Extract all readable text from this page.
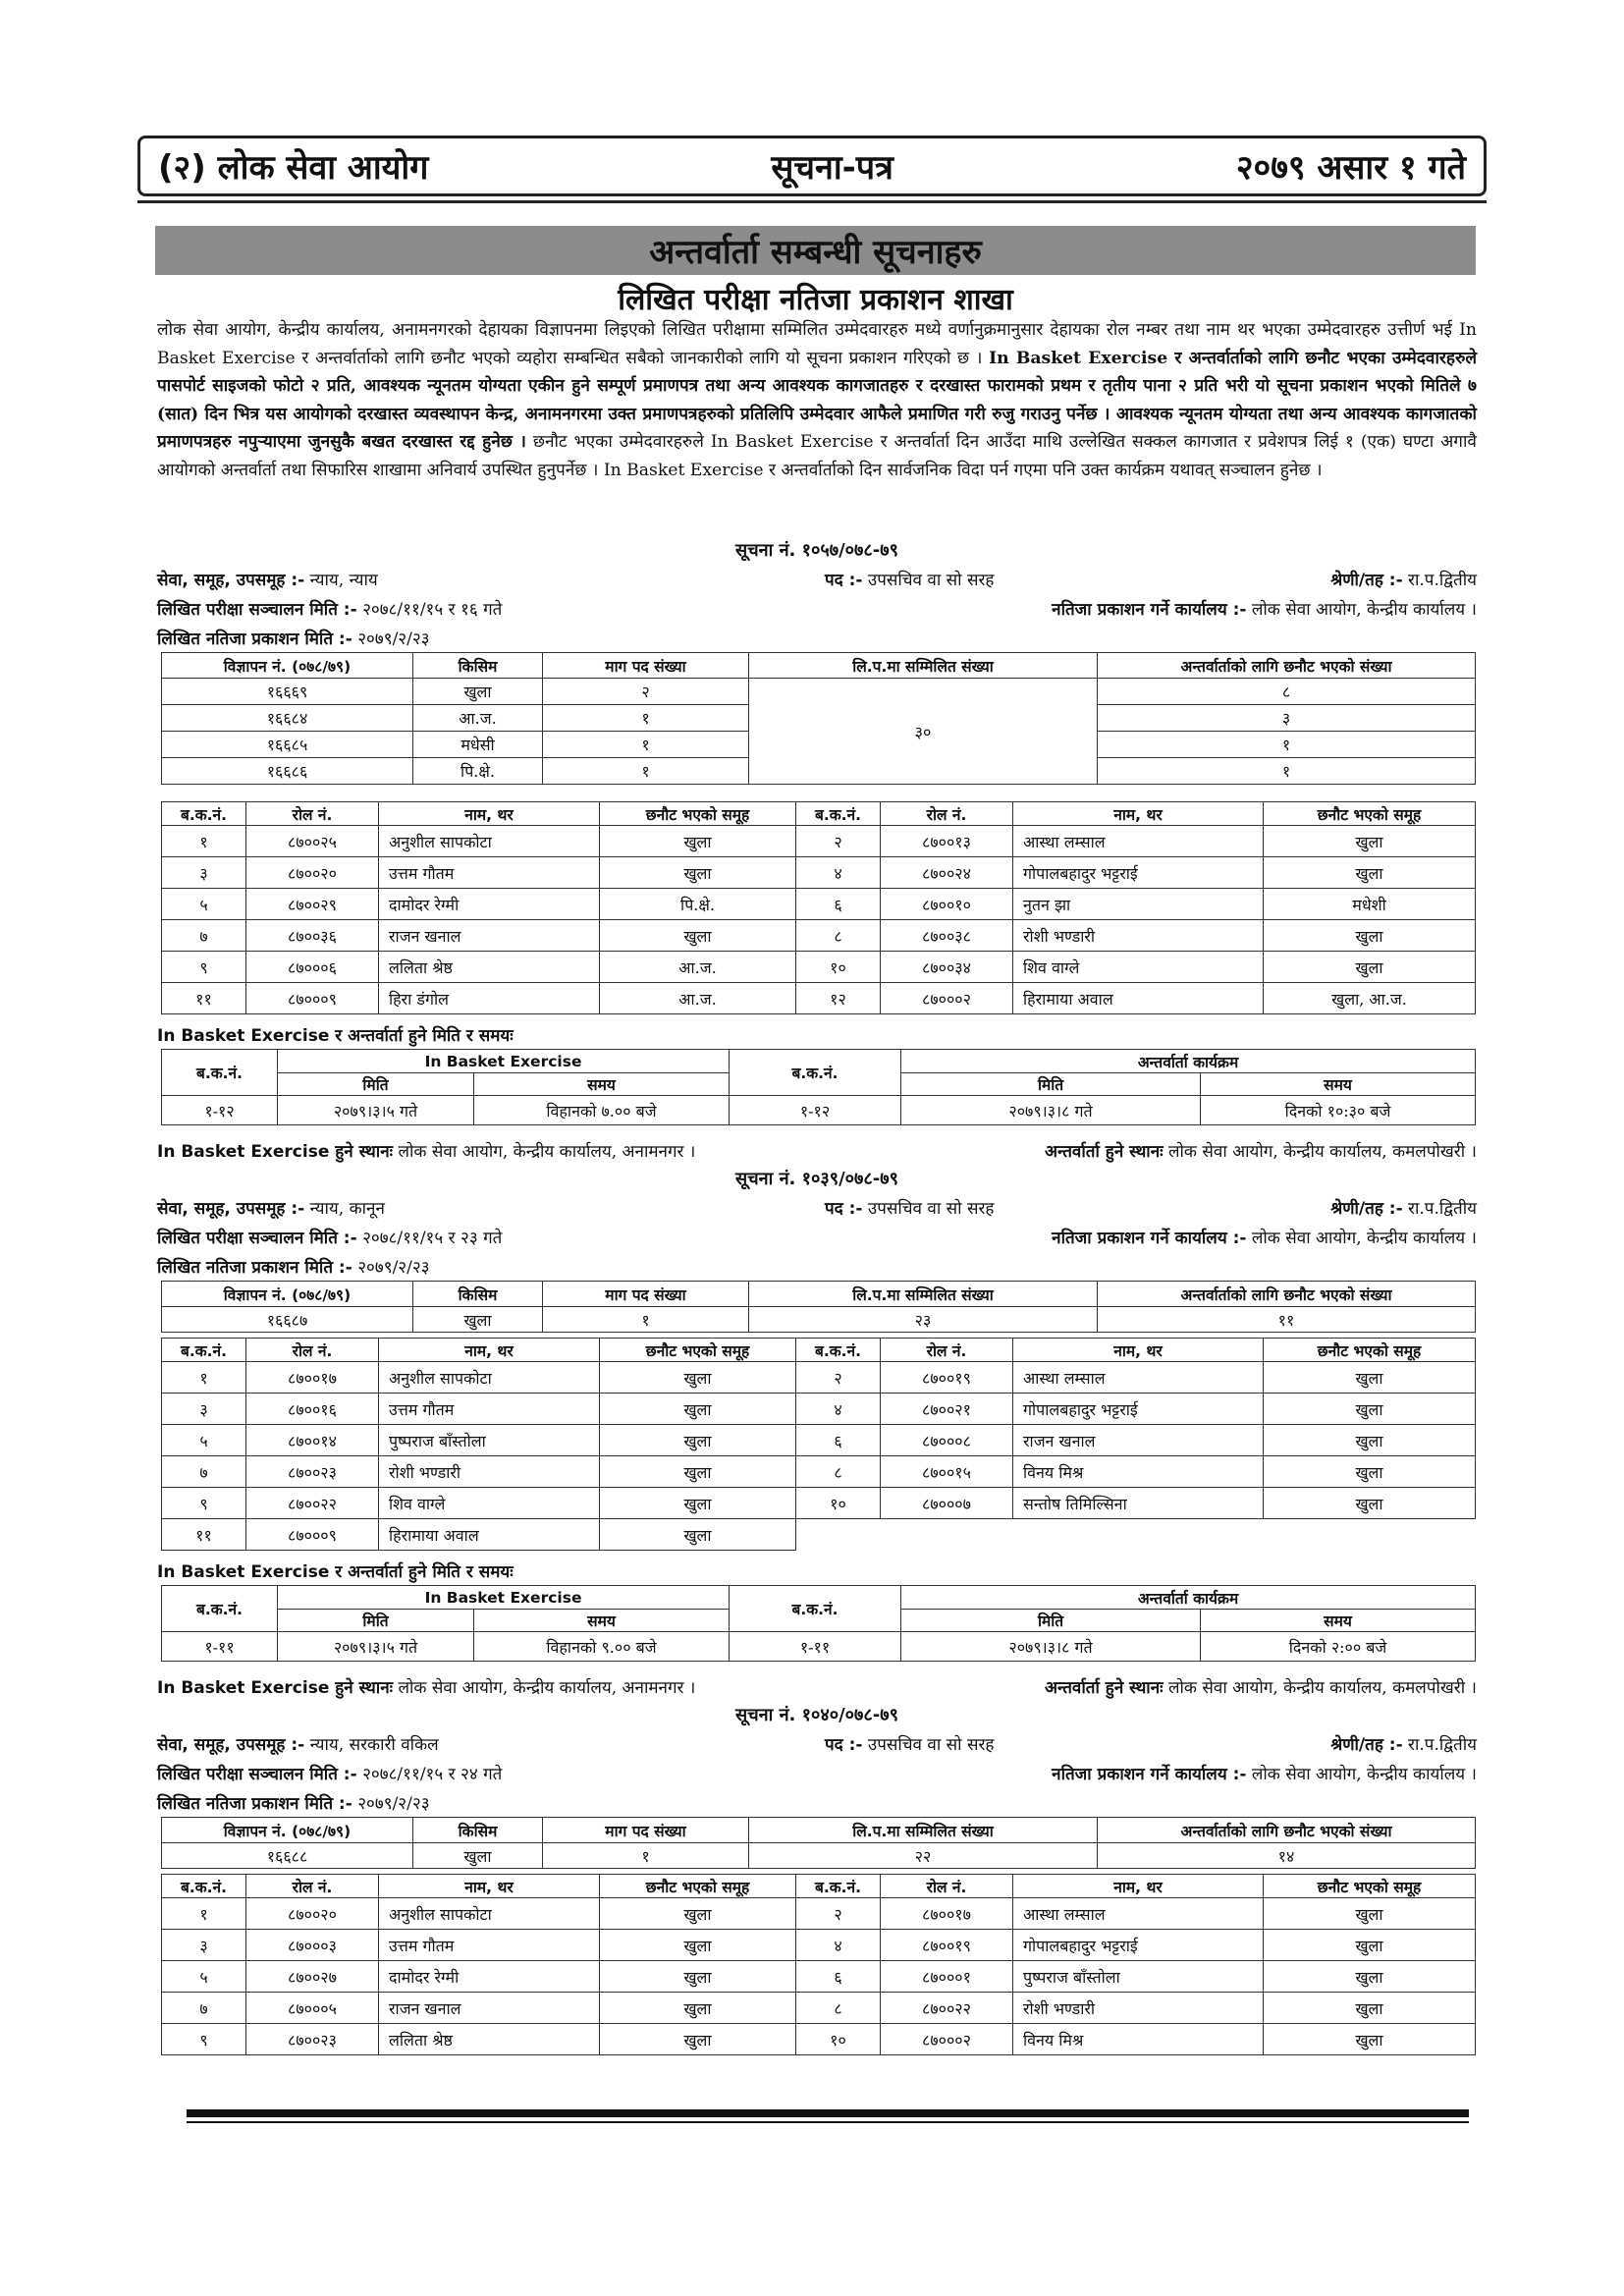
(२) लोक सेवा आयोग	सूचना-पत्र	२०७९ असार १ गते
अन्तर्वार्ता सम्बन्धी सूचनाहरु
लिखित परीक्षा नतिजा प्रकाशन शाखा
लोक सेवा आयोग, केन्द्रीय कार्यालय, अनामनगरको देहायका विज्ञापनमा लिइएको लिखित परीक्षामा सम्मिलित उम्मेदवारहरु मध्ये वर्णानुक्रमानुसार देहायका रोल नम्बर तथा नाम थर भएका उम्मेदवारहरु उत्तीर्ण भई In Basket Exercise र अन्तर्वार्ताको लागि छनौट भएको व्यहोरा सम्बन्धित सबैको जानकारीको लागि यो सूचना प्रकाशन गरिएको छ । In Basket Exercise र अन्तर्वार्ताको लागि छनौट भएका उम्मेदवारहरुले पासपोर्ट साइजको फोटो २ प्रति, आवश्यक न्यूनतम योग्यता एकीन हुने सम्पूर्ण प्रमाणपत्र तथा अन्य आवश्यक कागजातहरु र दरखास्त फारामको प्रथम र तृतीय पाना २ प्रति भरी यो सूचना प्रकाशन भएको मितिले ७ (सात) दिन भित्र यस आयोगको दरखास्त व्यवस्थापन केन्द्र, अनामनगरमा उक्त प्रमाणपत्रहरुको प्रतिलिपि उम्मेदवार आफैले प्रमाणित गरी रुजु गराउनु पर्नेछ । आवश्यक न्यूनतम योग्यता तथा अन्य आवश्यक कागजातको प्रमाणपत्रहरु नपुऱ्याएमा जुनसुकै बखत दरखास्त रद्द हुनेछ । छनौट भएका उम्मेदवारहरुले In Basket Exercise र अन्तर्वार्ता दिन आउँदा माथि उल्लेखित सक्कल कागजात र प्रवेशपत्र लिई १ (एक) घण्टा अगावै आयोगको अन्तर्वार्ता तथा सिफारिस शाखामा अनिवार्य उपस्थित हुनुपर्नेछ । In Basket Exercise र अन्तर्वार्ताको दिन सार्वजनिक विदा पर्न गएमा पनि उक्त कार्यक्रम यथावत् सञ्चालन हुनेछ ।
सूचना नं. १०५७/०७८-७९
सेवा, समूह, उपसमूह :- न्याय, न्याय	पद :- उपसचिव वा सो सरह	श्रेणी/तह :- रा.प.द्वितीय
लिखित परीक्षा सञ्चालन मिति :- २०७८/११/१५ र १६ गते	नतिजा प्रकाशन गर्ने कार्यालय :- लोक सेवा आयोग, केन्द्रीय कार्यालय ।
लिखित नतिजा प्रकाशन मिति :- २०७९/२/२३
विज्ञापन नं. (०७८/७९)	किसिम	माग पद संख्या	लि.प.मा सम्मिलित संख्या	अन्तर्वार्ताको लागि छनौट भएको संख्या
१६६६९	खुला	२	३०	८
१६६८४	आ.ज.	१		३
१६६८५	मधेसी	१		१
१६६८६	पि.क्षे.	१		१
ब.क.नं.	रोल नं.	नाम, थर	छनौट भएको समूह	ब.क.नं.	रोल नं.	नाम, थर	छनौट भएको समूह
१	८७००२५	अनुशील सापकोटा	खुला	२	८७००१३	आस्था लम्साल	खुला
३	८७००२०	उत्तम गौतम	खुला	४	८७००२४	गोपालबहादुर भट्टराई	खुला
५	८७००२९	दामोदर रेग्मी	पि.क्षे.	६	८७००१०	नुतन झा	मधेशी
७	८७००३६	राजन खनाल	खुला	८	८७००३८	रोशी भण्डारी	खुला
९	८७०००६	ललिता श्रेष्ठ	आ.ज.	१०	८७००३४	शिव वाग्ले	खुला
११	८७०००९	हिरा डंगोल	आ.ज.	१२	८७०००२	हिरामाया अवाल	खुला, आ.ज.
In Basket Exercise र अन्तर्वार्ता हुने मिति र समयः
ब.क.नं.	In Basket Exercise		ब.क.नं.	अन्तर्वार्ता कार्यक्रम	
	मिति	समय		मिति	समय
१-१२	२०७९।३।५ गते	विहानको ७.०० बजे	१-१२	२०७९।३।८ गते	दिनको १०:३० बजे
In Basket Exercise हुने स्थानः लोक सेवा आयोग, केन्द्रीय कार्यालय, अनामनगर ।	अन्तर्वार्ता हुने स्थानः लोक सेवा आयोग, केन्द्रीय कार्यालय, कमलपोखरी ।
सूचना नं. १०३९/०७८-७९
सेवा, समूह, उपसमूह :- न्याय, कानून	पद :- उपसचिव वा सो सरह	श्रेणी/तह :- रा.प.द्वितीय
लिखित परीक्षा सञ्चालन मिति :- २०७८/११/१५ र २३ गते	नतिजा प्रकाशन गर्ने कार्यालय :- लोक सेवा आयोग, केन्द्रीय कार्यालय ।
लिखित नतिजा प्रकाशन मिति :- २०७९/२/२३
विज्ञापन नं. (०७८/७९)	किसिम	माग पद संख्या	लि.प.मा सम्मिलित संख्या	अन्तर्वार्ताको लागि छनौट भएको संख्या
१६६८७	खुला	१	२३	११
ब.क.नं.	रोल नं.	नाम, थर	छनौट भएको समूह	ब.क.नं.	रोल नं.	नाम, थर	छनौट भएको समूह
१	८७००१७	अनुशील सापकोटा	खुला	२	८७००१९	आस्था लम्साल	खुला
३	८७००१६	उत्तम गौतम	खुला	४	८७००२१	गोपालबहादुर भट्टराई	खुला
५	८७००१४	पुष्पराज बाँस्तोला	खुला	६	८७०००८	राजन खनाल	खुला
७	८७००२३	रोशी भण्डारी	खुला	८	८७००१५	विनय मिश्र	खुला
९	८७००२२	शिव वाग्ले	खुला	१०	८७०००७	सन्तोष तिमिल्सिना	खुला
११	८७०००९	हिरामाया अवाल	खुला				
In Basket Exercise र अन्तर्वार्ता हुने मिति र समयः
ब.क.नं.	In Basket Exercise		ब.क.नं.	अन्तर्वार्ता कार्यक्रम	
	मिति	समय		मिति	समय
१-११	२०७९।३।५ गते	विहानको ९.०० बजे	१-११	२०७९।३।८ गते	दिनको २:०० बजे
In Basket Exercise हुने स्थानः लोक सेवा आयोग, केन्द्रीय कार्यालय, अनामनगर ।	अन्तर्वार्ता हुने स्थानः लोक सेवा आयोग, केन्द्रीय कार्यालय, कमलपोखरी ।
सूचना नं. १०४०/०७८-७९
सेवा, समूह, उपसमूह :- न्याय, सरकारी वकिल	पद :- उपसचिव वा सो सरह	श्रेणी/तह :- रा.प.द्वितीय
लिखित परीक्षा सञ्चालन मिति :- २०७८/११/१५ र २४ गते	नतिजा प्रकाशन गर्ने कार्यालय :- लोक सेवा आयोग, केन्द्रीय कार्यालय ।
लिखित नतिजा प्रकाशन मिति :- २०७९/२/२३
विज्ञापन नं. (०७८/७९)	किसिम	माग पद संख्या	लि.प.मा सम्मिलित संख्या	अन्तर्वार्ताको लागि छनौट भएको संख्या
१६६८८	खुला	१	२२	१४
ब.क.नं.	रोल नं.	नाम, थर	छनौट भएको समूह	ब.क.नं.	रोल नं.	नाम, थर	छनौट भएको समूह
१	८७००२०	अनुशील सापकोटा	खुला	२	८७००१७	आस्था लम्साल	खुला
३	८७०००३	उत्तम गौतम	खुला	४	८७००१९	गोपालबहादुर भट्टराई	खुला
५	८७००२७	दामोदर रेग्मी	खुला	६	८७०००१	पुष्पराज बाँस्तोला	खुला
७	८७०००५	राजन खनाल	खुला	८	८७००२२	रोशी भण्डारी	खुला
९	८७००२३	ललिता श्रेष्ठ	खुला	१०	८७०००२	विनय मिश्र	खुला
